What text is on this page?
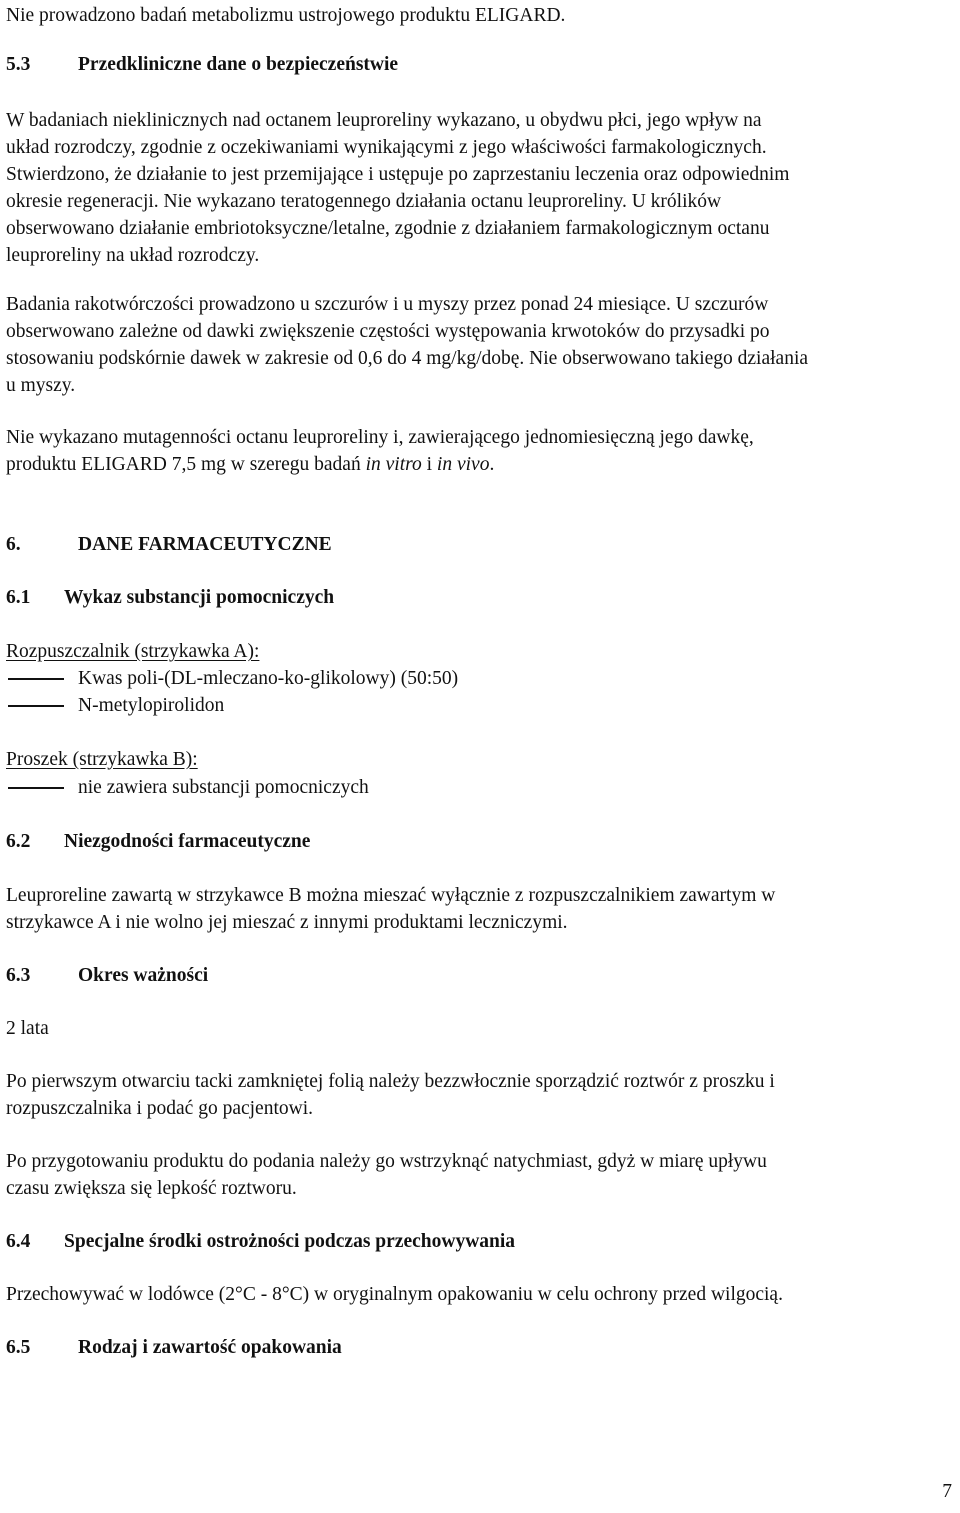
Nie prowadzono badań metabolizmu ustrojowego produktu ELIGARD.
5.3 Przedkliniczne dane o bezpieczeństwie
W badaniach nieklinicznych nad octanem leuproreliny wykazano, u obydwu płci, jego wpływ na
układ rozrodczy, zgodnie z oczekiwaniami wynikającymi z jego właściwości farmakologicznych.
Stwierdzono, że działanie to jest przemijające i ustępuje po zaprzestaniu leczenia oraz odpowiednim
okresie regeneracji. Nie wykazano teratogennego działania octanu leuproreliny. U królików
obserwowano działanie embriotoksyczne/letalne, zgodnie z działaniem farmakologicznym octanu
leuproreliny na układ rozrodczy.
Badania rakotwórczości prowadzono u szczurów i u myszy przez ponad 24 miesiące. U szczurów
obserwowano zależne od dawki zwiększenie częstości występowania krwotoków do przysadki po
stosowaniu podskórnie dawek w zakresie od 0,6 do 4 mg/kg/dobę. Nie obserwowano takiego działania
u myszy.
Nie wykazano mutagenności octanu leuproreliny i, zawierającego jednomiesięczną jego dawkę,
produktu ELIGARD 7,5 mg w szeregu badań in vitro i in vivo.
6.	DANE FARMACEUTYCZNE
6.1 Wykaz substancji pomocniczych
Rozpuszczalnik (strzykawka A):
Kwas poli-(DL-mleczano-ko-glikolowy) (50:50)
N-metylopirolidon
Proszek (strzykawka B):
nie zawiera substancji pomocniczych
6.2 Niezgodności farmaceutyczne
Leuproreline zawartą w strzykawce B można mieszać wyłącznie z rozpuszczalnikiem zawartym w
strzykawce A i nie wolno jej mieszać z innymi produktami leczniczymi.
6.3 Okres ważności
2 lata
Po pierwszym otwarciu tacki zamkniętej folią należy bezzwłocznie sporządzić roztwór z proszku i
rozpuszczalnika i podać go pacjentowi.
Po przygotowaniu produktu do podania należy go wstrzyknąć natychmiast, gdyż w miarę upływu
czasu zwiększa się lepkość roztworu.
6.4 Specjalne środki ostrożności podczas przechowywania
Przechowywać w lodówce (2°C - 8°C) w oryginalnym opakowaniu w celu ochrony przed wilgocią.
6.5 Rodzaj i zawartość opakowania
7
